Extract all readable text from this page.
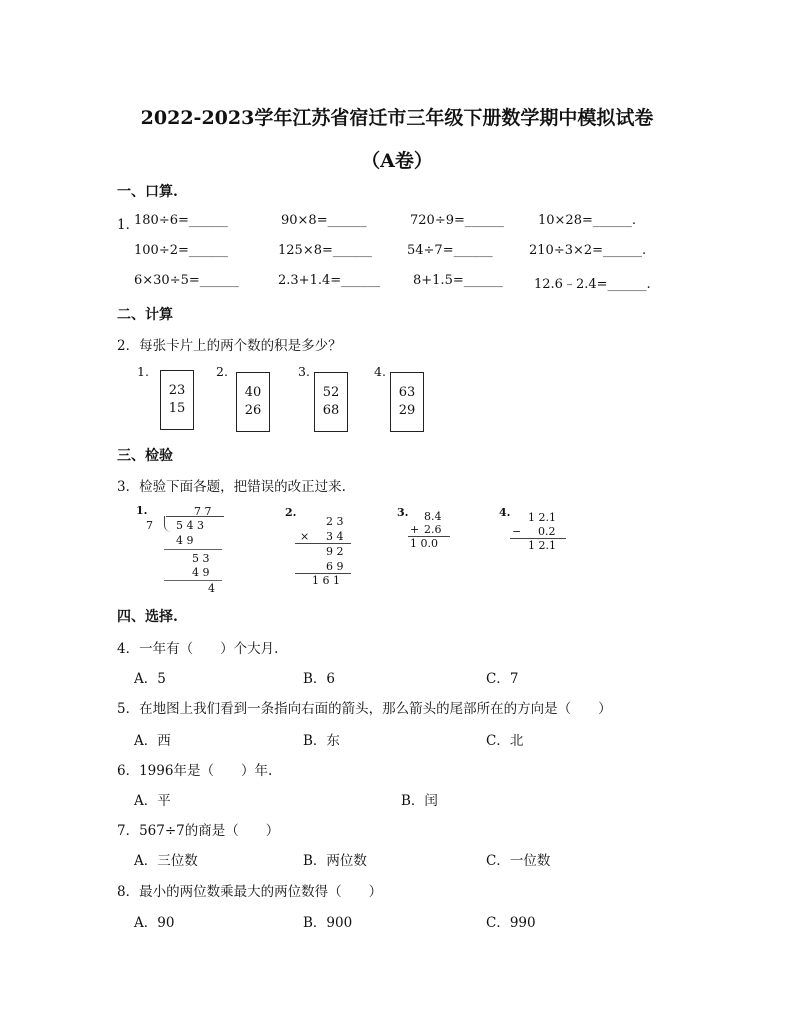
2022-2023学年江苏省宿迁市三年级下册数学期中模拟试卷
（A卷）
一、口算.
1．
180÷6=______	90×8=______	720÷9=______	10×28=______.
100÷2=______	125×8=______	54÷7=______	210÷3×2=______.
6×30÷5=______	2.3+1.4=______	8+1.5=______ 12.6﹣2.4=______.
二、计算
2．每张卡片上的两个数的积是多少？
1.
23
15
2.
40
26
3.
52
68
4.
63
29
三、检验
3．检验下面各题，把错误的改正过来.
1.	7 7
7 5 4 3
4 9
5 3
4 9
4
2.
2 3
× 3 4
9 2
6 9
1 6 1
3. 8.4
+ 2.6
1 0.0
4. 1 2.1
− 0.2
1 2.1
四、选择.
4．一年有（　　）个大月.
A．5	B．6	C．7
5．在地图上我们看到一条指向右面的箭头，那么箭头的尾部所在的方向是（　　）
A．西	B．东	C．北
6．1996年是（　　）年.
A．平	B．闰
7．567÷7的商是（　　）
A．三位数	B．两位数	C．一位数
8．最小的两位数乘最大的两位数得（　　）
A．90	B．900	C．990
